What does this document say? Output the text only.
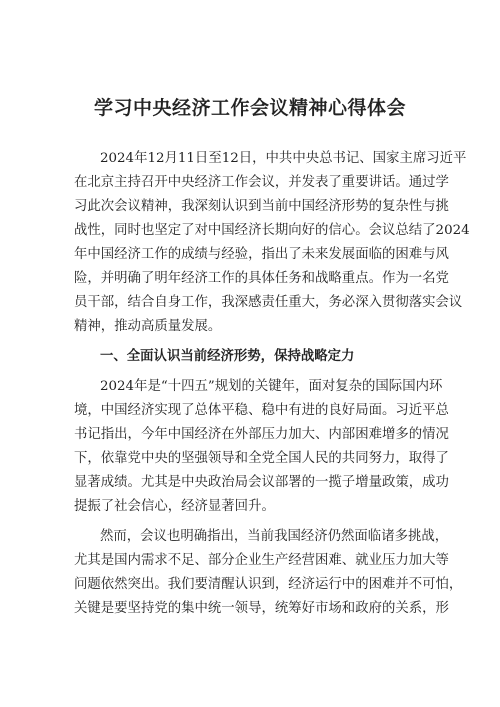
学习中央经济工作会议精神心得体会
2024年12月11日至12日，中共中央总书记、国家主席习近平
在北京主持召开中央经济工作会议，并发表了重要讲话。通过学
习此次会议精神，我深刻认识到当前中国经济形势的复杂性与挑
战性，同时也坚定了对中国经济长期向好的信心。会议总结了2024
年中国经济工作的成绩与经验，指出了未来发展面临的困难与风
险，并明确了明年经济工作的具体任务和战略重点。作为一名党
员干部，结合自身工作，我深感责任重大，务必深入贯彻落实会议
精神，推动高质量发展。
一、全面认识当前经济形势，保持战略定力
2024年是“十四五”规划的关键年，面对复杂的国际国内环
境，中国经济实现了总体平稳、稳中有进的良好局面。习近平总
书记指出，今年中国经济在外部压力加大、内部困难增多的情况
下，依靠党中央的坚强领导和全党全国人民的共同努力，取得了
显著成绩。尤其是中央政治局会议部署的一揽子增量政策，成功
提振了社会信心，经济显著回升。
然而，会议也明确指出，当前我国经济仍然面临诸多挑战，
尤其是国内需求不足、部分企业生产经营困难、就业压力加大等
问题依然突出。我们要清醒认识到，经济运行中的困难并不可怕，
关键是要坚持党的集中统一领导，统筹好市场和政府的关系，形
